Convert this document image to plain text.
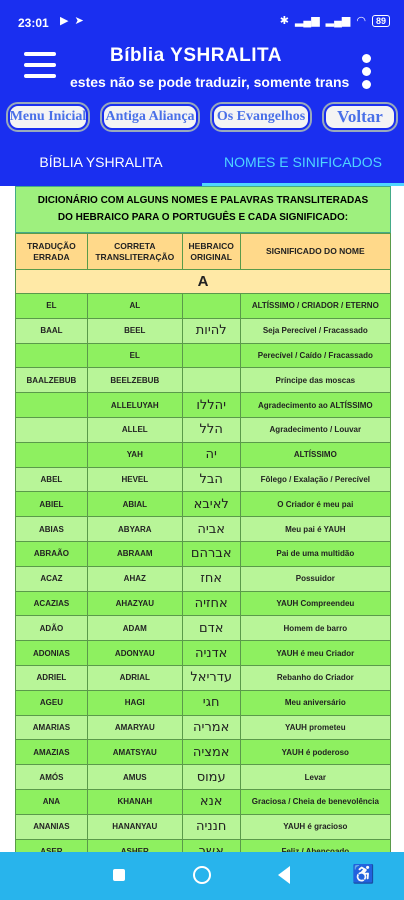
23:01 ▶ ➤	✱ ▂▄▆ ▂▄▆ ◠	89
Bíblia YSHRALITA
estes não se pode traduzir, somente trans
Menu Inicial Antiga Aliança	Os Evangelhos	Voltar
BÍBLIA YSHRALITA	NOMES E SINIFICADOS
DICIONÁRIO COM ALGUNS NOMES E PALAVRAS TRANSLITERADAS
DO HEBRAICO PARA O PORTUGUÊS E CADA SIGNIFICADO:
TRADUÇÃO ERRADA	CORRETA TRANSLITERAÇÃO	HEBRAICO ORIGINAL	SIGNIFICADO DO NOME
A			
EL	AL		ALTÍSSIMO / CRIADOR / ETERNO
BAAL	BEEL	להיות	Seja Perecível / Fracassado
	EL		Perecível / Caído / Fracassado
BAALZEBUB	BEELZEBUB		Príncipe das moscas
	ALLELUYAH	יהללו	Agradecimento ao ALTÍSSIMO
	ALLEL	הלל	Agradecimento / Louvar
	YAH	יה	ALTÍSSIMO
ABEL	HEVEL	הבל	Fôlego / Exalação / Perecível
ABIEL	ABIAL	לאיבא	O Criador é meu pai
ABIAS	ABYARA	אביה	Meu pai é YAUH
ABRAÃO	ABRAAM	אברהם	Pai de uma multidão
ACAZ	AHAZ	אחז	Possuidor
ACAZIAS	AHAZYAU	אחזיה	YAUH Compreendeu
ADÃO	ADAM	אדם	Homem de barro
ADONIAS	ADONYAU	אדניה	YAUH é meu Criador
ADRIEL	ADRIAL	עדריאל	Rebanho do Criador
AGEU	HAGI	חגי	Meu aniversário
AMARIAS	AMARYAU	אמריה	YAUH prometeu
AMAZIAS	AMATSYAU	אמציה	YAUH é poderoso
AMÓS	AMUS	עמוס	Levar
ANA	KHANAH	אנא	Graciosa / Cheia de benevolência
ANANIAS	HANANYAU	חנניה	YAUH é gracioso

♿
